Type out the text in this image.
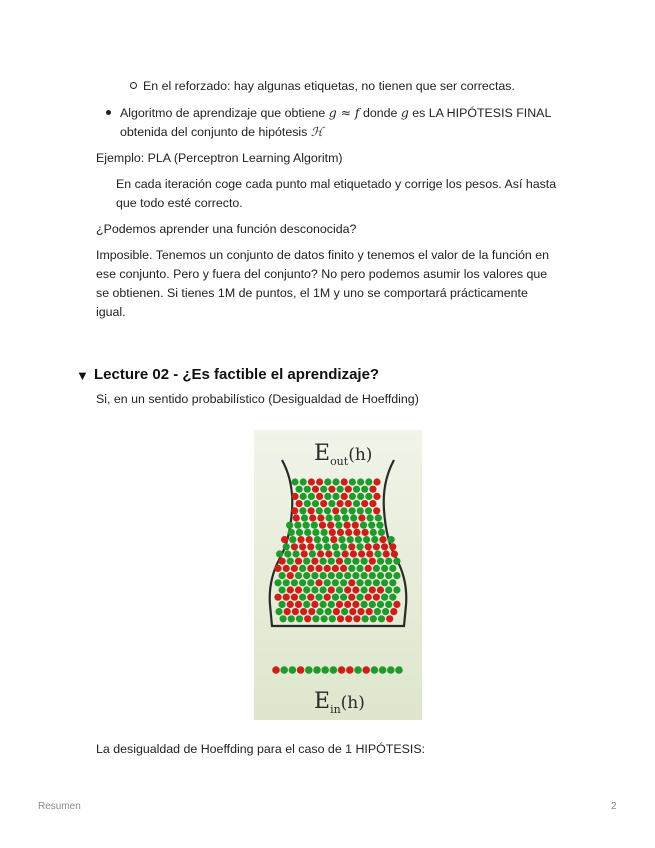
En el reforzado: hay algunas etiquetas, no tienen que ser correctas.
Algoritmo de aprendizaje que obtiene g ≈ f donde g es LA HIPÓTESIS FINAL
obtenida del conjunto de hipótesis ℋ
Ejemplo: PLA (Perceptron Learning Algoritm)
En cada iteración coge cada punto mal etiquetado y corrige los pesos. Así hasta
que todo esté correcto.
¿Podemos aprender una función desconocida?
Imposible. Tenemos un conjunto de datos finito y tenemos el valor de la función en
ese conjunto. Pero y fuera del conjunto? No pero podemos asumir los valores que
se obtienen. Si tienes 1M de puntos, el 1M y uno se comportará prácticamente
igual.
▼ Lecture 02 - ¿Es factible el aprendizaje?
Si, en un sentido probabilístico (Desigualdad de Hoeffding)
$E_{out}^{(h)}$
$E_{in}^{(h)}$
La desigualdad de Hoeffding para el caso de 1 HIPÓTESIS:
Resumen	2
